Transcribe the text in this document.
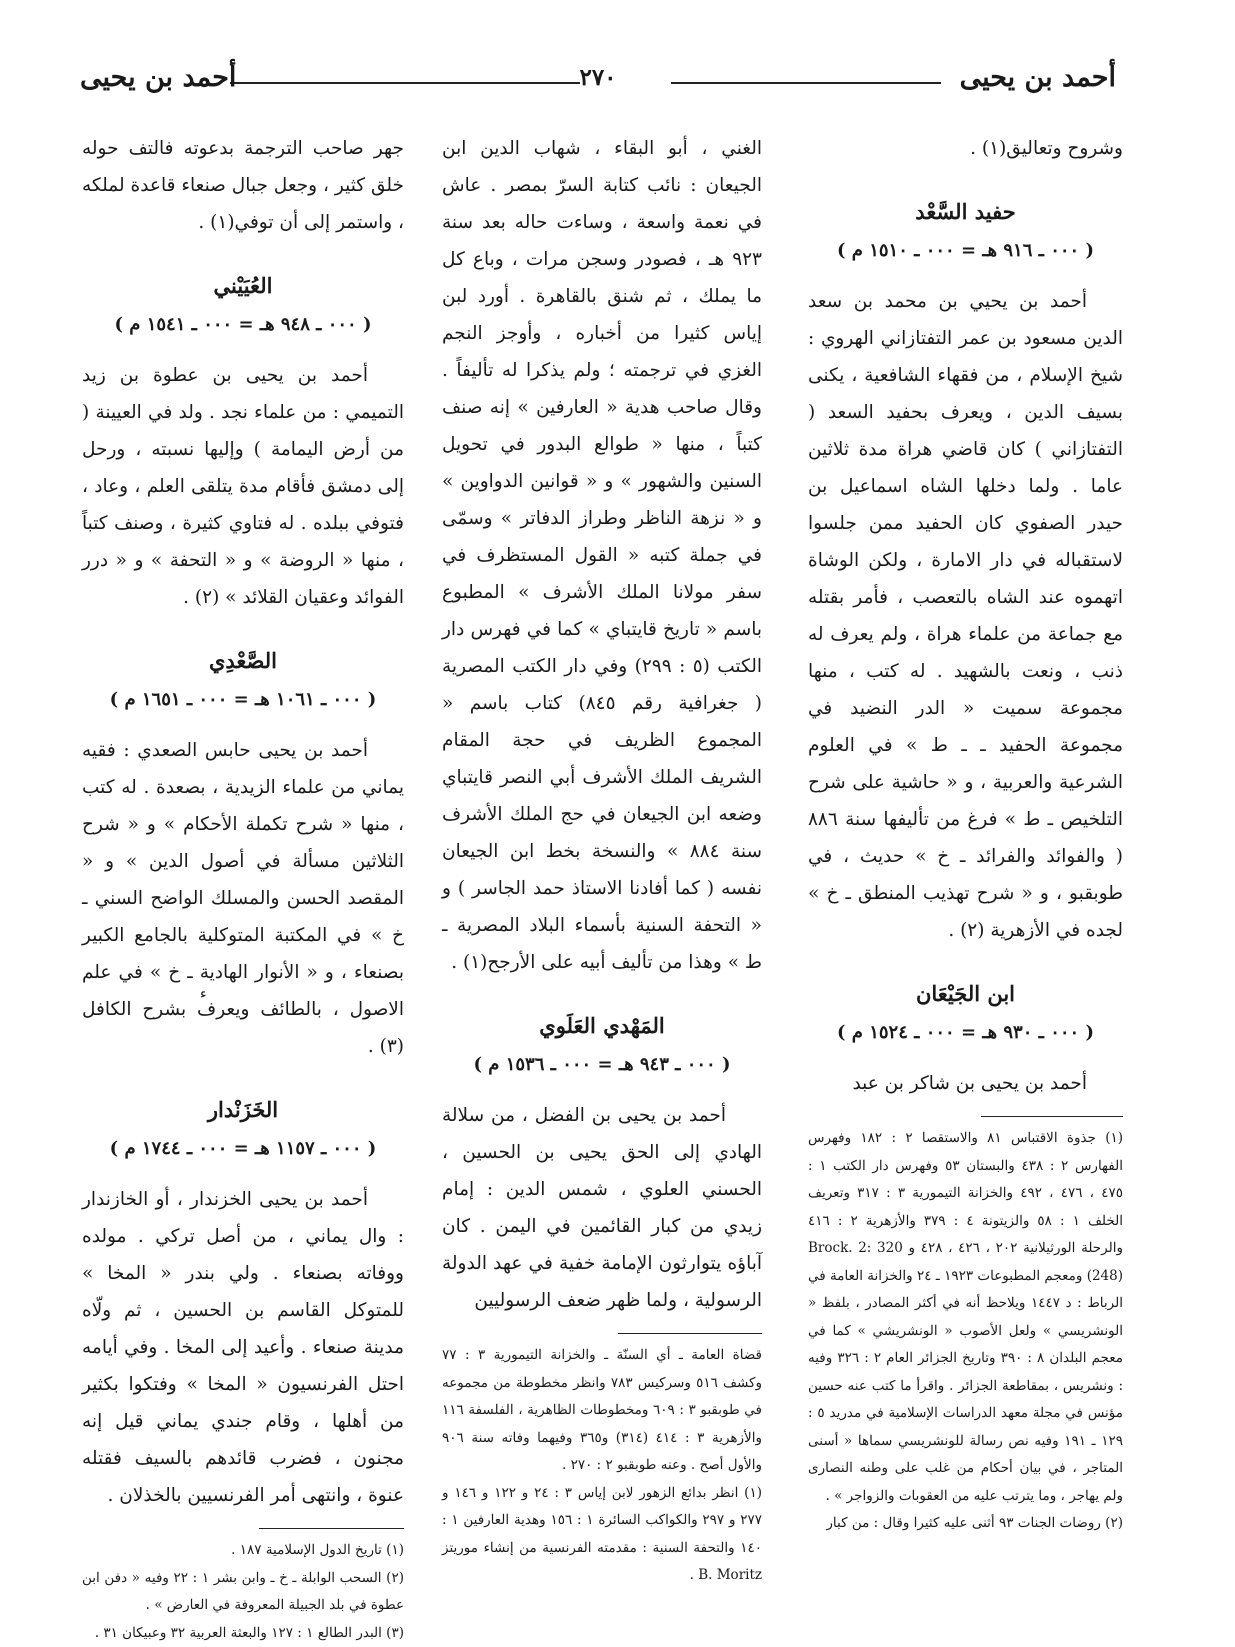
أحمد بن يحيى
٢٧٠
أحمد بن يحيى

وشروح وتعاليق(١) .

حفيد السَّعْد
( ٠٠٠ ـ ٩١٦ هـ = ٠٠٠ ـ ١٥١٠ م )

أحمد بن يحيي بن محمد بن سعد الدين مسعود بن عمر التفتازاني الهروي : شيخ الإسلام ، من فقهاء الشافعية ، يكنى بسيف الدين ، ويعرف بحفيد السعد ( التفتازاني ) كان قاضي هراة مدة ثلاثين عاما . ولما دخلها الشاه اسماعيل بن حيدر الصفوي كان الحفيد ممن جلسوا لاستقباله في دار الامارة ، ولكن الوشاة اتهموه عند الشاه بالتعصب ، فأمر بقتله مع جماعة من علماء هراة ، ولم يعرف له ذنب ، ونعت بالشهيد . له كتب ، منها مجموعة سميت « الدر النضيد في مجموعة الحفيد ـ ـ ط » في العلوم الشرعية والعربية ، و « حاشية على شرح التلخيص ـ ط » فرغ من تأليفها سنة ٨٨٦ ( والفوائد والفرائد ـ خ » حديث ، في طوبقبو ، و « شرح تهذيب المنطق ـ خ » لجده في الأزهرية (٢) .

ابن الجَيْعَان
( ٠٠٠ ـ ٩٣٠ هـ = ٠٠٠ ـ ١٥٢٤ م )

أحمد بن يحيى بن شاكر بن عبد

(١) جذوة الاقتباس ٨١ والاستقصا ٢ : ١٨٢ وفهرس الفهارس ٢ : ٤٣٨ والبستان ٥٣ وفهرس دار الكتب ١ : ٤٧٥ ، ٤٧٦ ، ٤٩٢ والخزانة التيمورية ٣ : ٣١٧ وتعريف الخلف ١ : ٥٨ والزيتونة ٤ : ٣٧٩ والأزهرية ٢ : ٤١٦ والرحلة الورثيلانية ٢٠٢ ، ٤٢٦ ، ٤٢٨ و Brock. 2: 320 (248) ومعجم المطبوعات ١٩٢٣ ـ ٢٤ والخزانة العامة في الرباط : د ١٤٤٧ ويلاحظ أنه في أكثر المصادر ، بلفظ « الونشريسي » ولعل الأصوب « الونشريشي » كما في معجم البلدان ٨ : ٣٩٠ وتاريخ الجزائر العام ٢ : ٣٢٦ وفيه : ونشريس ، بمقاطعة الجزائر . واقرأ ما كتب عنه حسين مؤنس في مجلة معهد الدراسات الإسلامية في مدريد ٥ : ١٢٩ ـ ١٩١ وفيه نص رسالة للونشريسي سماها « أسنى المتاجر ، في بيان أحكام من غلب على وطنه النصارى ولم يهاجر ، وما يترتب عليه من العقوبات والزواجر » .

(٢) روضات الجنات ٩٣ أثنى عليه كثيرا وقال : من كبار

الغني ، أبو البقاء ، شهاب الدين ابن الجيعان : نائب كتابة السرّ بمصر . عاش في نعمة واسعة ، وساءت حاله بعد سنة ٩٢٣ هـ ، فصودر وسجن مرات ، وباع كل ما يملك ، ثم شنق بالقاهرة . أورد لبن إياس كثيرا من أخباره ، وأوجز النجم الغزي في ترجمته ؛ ولم يذكرا له تأليفاً . وقال صاحب هدية « العارفين » إنه صنف كتباً ، منها « طوالع البدور في تحويل السنين والشهور » و « قوانين الدواوين » و « نزهة الناظر وطراز الدفاتر » وسمّى في جملة كتبه « القول المستظرف في سفر مولانا الملك الأشرف » المطبوع باسم « تاريخ قايتباي » كما في فهرس دار الكتب (٥ : ٢٩٩) وفي دار الكتب المصرية ( جغرافية رقم ٨٤٥) كتاب باسم « المجموع الظريف في حجة المقام الشريف الملك الأشرف أبي النصر قايتباي وضعه ابن الجيعان في حج الملك الأشرف سنة ٨٨٤ » والنسخة بخط ابن الجيعان نفسه ( كما أفادنا الاستاذ حمد الجاسر ) و « التحفة السنية بأسماء البلاد المصرية ـ ط » وهذا من تأليف أبيه على الأرجح(١) .

المَهْدي العَلَوي
( ٠٠٠ ـ ٩٤٣ هـ = ٠٠٠ ـ ١٥٣٦ م )

أحمد بن يحيى بن الفضل ، من سلالة الهادي إلى الحق يحيى بن الحسين ، الحسني العلوي ، شمس الدين : إمام زيدي من كبار القائمين في اليمن . كان آباؤه يتوارثون الإمامة خفية في عهد الدولة الرسولية ، ولما ظهر ضعف الرسوليين

قضاة العامة ـ أي السنّة ـ والخزانة التيمورية ٣ : ٧٧ وكشف ٥١٦ وسركيس ٧٨٣ وانظر مخطوطة من مجموعه في طوبقبو ٣ : ٦٠٩ ومخطوطات الظاهرية ، الفلسفة ١١٦ والأزهرية ٣ : ٤١٤ (٣١٤) و٣٦٥ وفيهما وفاته سنة ٩٠٦ والأول أصح . وعنه طوبقبو ٢ : ٢٧٠ .

(١) انظر بدائع الزهور لابن إياس ٣ : ٢٤ و ١٢٢ و ١٤٦ و ٢٧٧ و ٢٩٧ والكواكب السائرة ١ : ١٥٦ وهدية العارفين ١ : ١٤٠ والتحفة السنية : مقدمته الفرنسية من إنشاء موريتز B. Moritz .

جهر صاحب الترجمة بدعوته فالتف حوله خلق كثير ، وجعل جبال صنعاء قاعدة لملكه ، واستمر إلى أن توفي(١) .

العُيَيْني
( ٠٠٠ ـ ٩٤٨ هـ = ٠٠٠ ـ ١٥٤١ م )

أحمد بن يحيى بن عطوة بن زيد التميمي : من علماء نجد . ولد في العيينة ( من أرض اليمامة ) وإليها نسبته ، ورحل إلى دمشق فأقام مدة يتلقى العلم ، وعاد ، فتوفي ببلده . له فتاوي كثيرة ، وصنف كتباً ، منها « الروضة » و « التحفة » و « درر الفوائد وعقيان القلائد » (٢) .

الصَّعْدِي
( ٠٠٠ ـ ١٠٦١ هـ = ٠٠٠ ـ ١٦٥١ م )

أحمد بن يحيى حابس الصعدي : فقيه يماني من علماء الزيدية ، بصعدة . له كتب ، منها « شرح تكملة الأحكام » و « شرح الثلاثين مسألة في أصول الدين » و « المقصد الحسن والمسلك الواضح السني ـ خ » في المكتبة المتوكلية بالجامع الكبير بصنعاء ، و « الأنوار الهادية ـ خ » في علم الاصول ، بالطائف ويعرف بشرح الكافل (٣) .

الخَزَنْدار
( ٠٠٠ ـ ١١٥٧ هـ = ٠٠٠ ـ ١٧٤٤ م )

أحمد بن يحيى الخزندار ، أو الخازندار : وال يماني ، من أصل تركي . مولده ووفاته بصنعاء . ولي بندر « المخا » للمتوكل القاسم بن الحسين ، ثم ولّاه مدينة صنعاء . وأعيد إلى المخا . وفي أيامه احتل الفرنسيون « المخا » وفتكوا بكثير من أهلها ، وقام جندي يماني قيل إنه مجنون ، فضرب قائدهم بالسيف فقتله عنوة ، وانتهى أمر الفرنسيين بالخذلان .

(١) تاريخ الدول الإسلامية ١٨٧ .

(٢) السحب الوابلة ـ خ ـ وابن بشر ١ : ٢٢ وفيه « دفن ابن عطوة في بلد الجبيلة المعروفة في العارض » .

(٣) البدر الطالع ١ : ١٢٧ والبعثة العربية ٣٢ وعبيكان ٣١ .

ء
